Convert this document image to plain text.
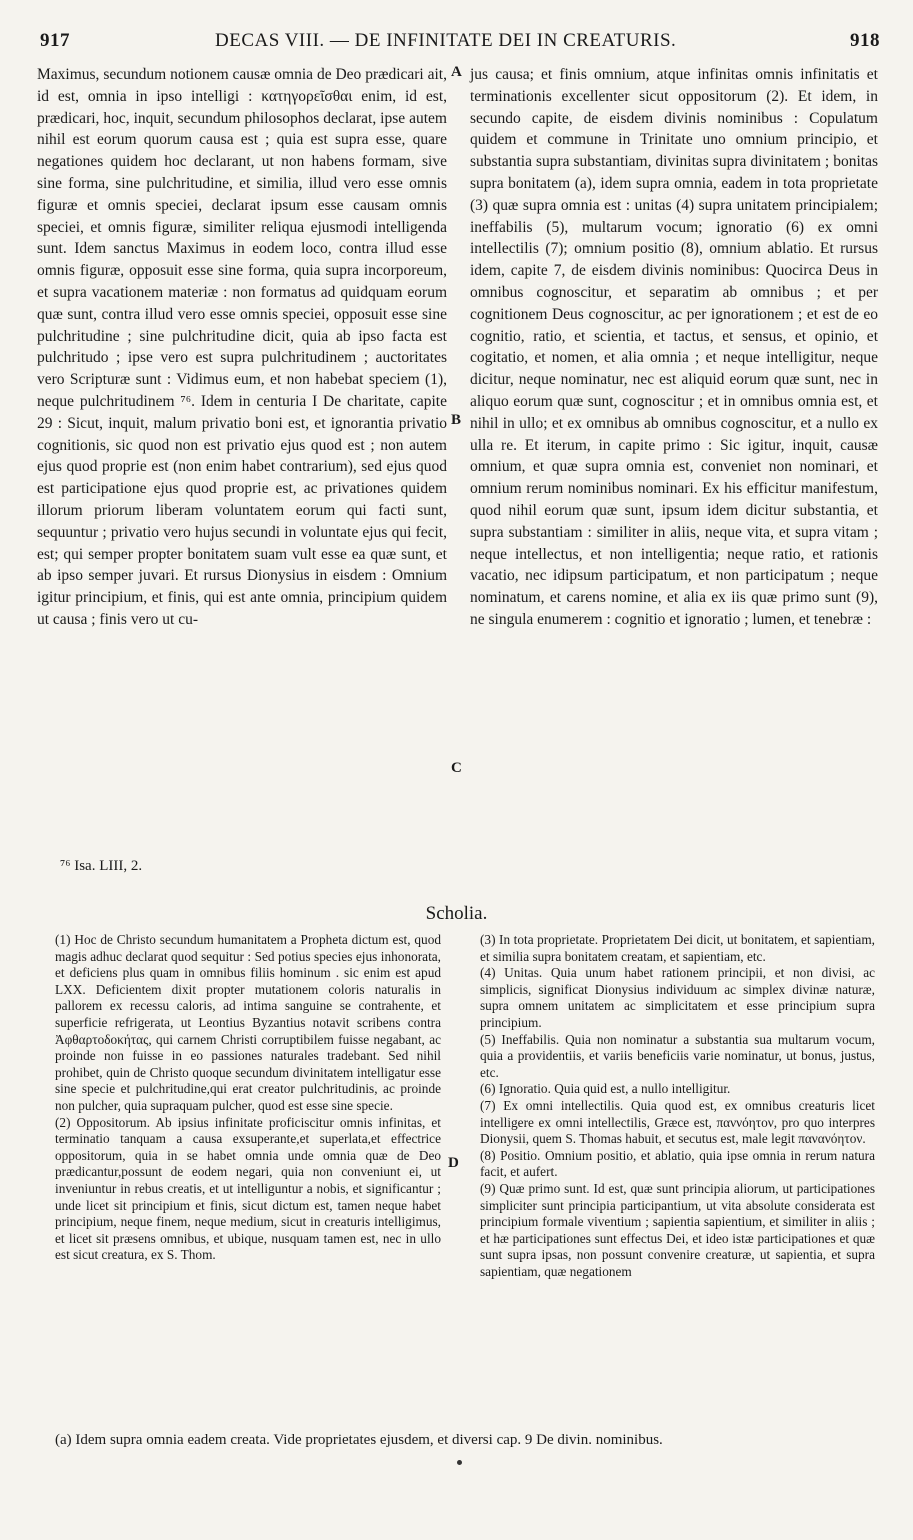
917	DECAS VIII. — DE INFINITATE DEI IN CREATURIS.	918
Maximus, secundum notionem causæ omnia de Deo prædicari ait, id est, omnia in ipso intelligi : κατηγορεῖσθαι enim, id est, prædicari, hoc, inquit, secundum philosophos declarat, ipse autem nihil est eorum quorum causa est ; quia est supra esse, quare negationes quidem hoc declarant, ut non habens formam, sive sine forma, sine pulchritudine, et similia, illud vero esse omnis figuræ et omnis speciei, declarat ipsum esse causam omnis speciei, et omnis figuræ, similiter reliqua ejusmodi intelligenda sunt. Idem sanctus Maximus in eodem loco, contra illud esse omnis figuræ, opposuit esse sine forma, quia supra incorporeum, et supra vacationem materiæ : non formatus ad quidquam eorum quæ sunt, contra illud vero esse omnis speciei, opposuit esse sine pulchritudine ; sine pulchritudine dicit, quia ab ipso facta est pulchritudo ; ipse vero est supra pulchritudinem ; auctoritates vero Scripturæ sunt : Vidimus eum, et non habebat speciem (1), neque pulchritudinem ⁷⁶. Idem in centuria I De charitate, capite 29 : Sicut, inquit, malum privatio boni est, et ignorantia privatio cognitionis, sic quod non est privatio ejus quod est ; non autem ejus quod proprie est (non enim habet contrarium), sed ejus quod est participatione ejus quod proprie est, ac privationes quidem illorum priorum liberam voluntatem eorum qui facti sunt, sequuntur ; privatio vero hujus secundi in voluntate ejus qui fecit, est; qui semper propter bonitatem suam vult esse ea quæ sunt, et ab ipso semper juvari. Et rursus Dionysius in eisdem : Omnium igitur principium, et finis, qui est ante omnia, principium quidem ut causa ; finis vero ut cu-
jus causa; et finis omnium, atque infinitas omnis infinitatis et terminationis excellenter sicut oppositorum (2). Et idem, in secundo capite, de eisdem divinis nominibus : Copulatum quidem et commune in Trinitate uno omnium principio, et substantia supra substantiam, divinitas supra divinitatem ; bonitas supra bonitatem (a), idem supra omnia, eadem in tota proprietate (3) quæ supra omnia est : unitas (4) supra unitatem principialem; ineffabilis (5), multarum vocum; ignoratio (6) ex omni intellectilis (7); omnium positio (8), omnium ablatio. Et rursus idem, capite 7, de eisdem divinis nominibus: Quocirca Deus in omnibus cognoscitur, et separatim ab omnibus ; et per cognitionem Deus cognoscitur, ac per ignorationem ; et est de eo cognitio, ratio, et scientia, et tactus, et sensus, et opinio, et cogitatio, et nomen, et alia omnia ; et neque intelligitur, neque dicitur, neque nominatur, nec est aliquid eorum quæ sunt, nec in aliquo eorum quæ sunt, cognoscitur ; et in omnibus omnia est, et nihil in ullo; et ex omnibus ab omnibus cognoscitur, et a nullo ex ulla re. Et iterum, in capite primo : Sic igitur, inquit, causæ omnium, et quæ supra omnia est, conveniet non nominari, et omnium rerum nominibus nominari. Ex his efficitur manifestum, quod nihil eorum quæ sunt, ipsum idem dicitur substantia, et supra substantiam : similiter in aliis, neque vita, et supra vitam ; neque intellectus, et non intelligentia; neque ratio, et rationis vacatio, nec idipsum participatum, et non participatum ; neque nominatum, et carens nomine, et alia ex iis quæ primo sunt (9), ne singula enumerem : cognitio et ignoratio ; lumen, et tenebræ :
A
B
C
D
⁷⁶ Isa. LIII, 2.
Scholia.
(1) Hoc de Christo secundum humanitatem a Propheta dictum est, quod magis adhuc declarat quod sequitur : Sed potius species ejus inhonorata, et deficiens plus quam in omnibus filiis hominum . sic enim est apud LXX. Deficientem dixit propter mutationem coloris naturalis in pallorem ex recessu caloris, ad intima sanguine se contrahente, et superficie refrigerata, ut Leontius Byzantius notavit scribens contra Ἀφθαρτοδοκήτας, qui carnem Christi corruptibilem fuisse negabant, ac proinde non fuisse in eo passiones naturales tradebant. Sed nihil prohibet, quin de Christo quoque secundum divinitatem intelligatur esse sine specie et pulchritudine,qui erat creator pulchritudinis, ac proinde non pulcher, quia supraquam pulcher, quod est esse sine specie.
(2) Oppositorum. Ab ipsius infinitate proficiscitur omnis infinitas, et terminatio tanquam a causa exsuperante,et superlata,et effectrice oppositorum, quia in se habet omnia unde omnia quæ de Deo prædicantur,possunt de eodem negari, quia non conveniunt ei, ut inveniuntur in rebus creatis, et ut intelliguntur a nobis, et significantur ; unde licet sit principium et finis, sicut dictum est, tamen neque habet principium, neque finem, neque medium, sicut in creaturis intelligimus, et licet sit præsens omnibus, et ubique, nusquam tamen est, nec in ullo est sicut creatura, ex S. Thom.
(3) In tota proprietate. Proprietatem Dei dicit, ut bonitatem, et sapientiam, et similia supra bonitatem creatam, et sapientiam, etc.
(4) Unitas. Quia unum habet rationem principii, et non divisi, ac simplicis, significat Dionysius individuum ac simplex divinæ naturæ, supra omnem unitatem ac simplicitatem et esse principium supra principium.
(5) Ineffabilis. Quia non nominatur a substantia sua multarum vocum, quia a providentiis, et variis beneficiis varie nominatur, ut bonus, justus, etc.
(6) Ignoratio. Quia quid est, a nullo intelligitur.
(7) Ex omni intellectilis. Quia quod est, ex omnibus creaturis licet intelligere ex omni intellectilis, Græce est, παννόητον, pro quo interpres Dionysii, quem S. Thomas habuit, et secutus est, male legit πανανόητον.
(8) Positio. Omnium positio, et ablatio, quia ipse omnia in rerum natura facit, et aufert.
(9) Quæ primo sunt. Id est, quæ sunt principia aliorum, ut participationes simpliciter sunt principia participantium, ut vita absolute considerata est principium formale viventium ; sapientia sapientium, et similiter in aliis ; et hæ participationes sunt effectus Dei, et ideo istæ participationes et quæ sunt supra ipsas, non possunt convenire creaturæ, ut sapientia, et supra sapientiam, quæ negationem
(a) Idem supra omnia eadem creata. Vide proprietates ejusdem, et diversi cap. 9 De divin. nominibus.
